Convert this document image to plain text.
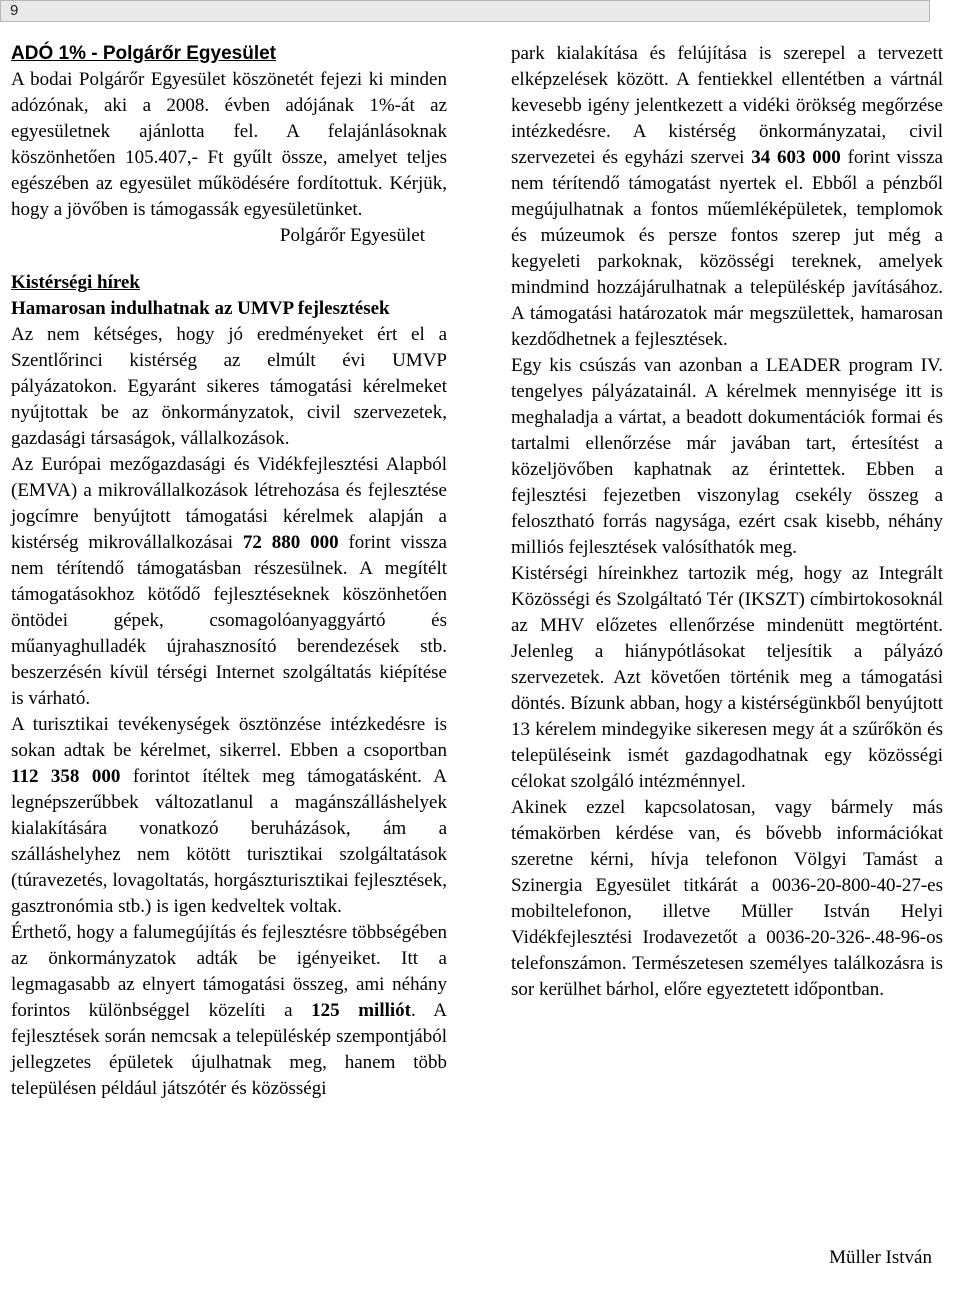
9
ADÓ 1% - Polgárőr Egyesület

A bodai Polgárőr Egyesület köszönetét fejezi ki minden adózónak, aki a 2008. évben adójának 1%-át az egyesületnek ajánlotta fel. A felajánlásoknak köszönhetően 105.407,- Ft gyűlt össze, amelyet teljes egészében az egyesület működésére fordítottuk. Kérjük, hogy a jövőben is támogassák egyesületünket.

Polgárőr Egyesület

Kistérségi hírek
Hamarosan indulhatnak az UMVP fejlesztések

Az nem kétséges, hogy jó eredményeket ért el a Szentlőrinci kistérség az elmúlt évi UMVP pályázatokon. Egyaránt sikeres támogatási kérelmeket nyújtottak be az önkormányzatok, civil szervezetek, gazdasági társaságok, vállalkozások.

Az Európai mezőgazdasági és Vidékfejlesztési Alapból (EMVA) a mikrovállalkozások létrehozása és fejlesztése jogcímre benyújtott támogatási kérelmek alapján a kistérség mikrovállalkozásai 72 880 000 forint vissza nem térítendő támogatásban részesülnek. A megítélt támogatásokhoz kötődő fejlesztéseknek köszönhetően öntödei gépek, csomagolóanyaggyártó és műanyaghulladék újrahasznosító berendezések stb. beszerzésén kívül térségi Internet szolgáltatás kiépítése is várható.

A turisztikai tevékenységek ösztönzése intézkedésre is sokan adtak be kérelmet, sikerrel. Ebben a csoportban 112 358 000 forintot ítéltek meg támogatásként. A legnépszerűbbek változatlanul a magánszálláshelyek kialakítására vonatkozó beruházások, ám a szálláshelyhez nem kötött turisztikai szolgáltatások (túravezetés, lovagoltatás, horgászturisztikai fejlesztések, gasztronómia stb.) is igen kedveltek voltak.

Érthető, hogy a falumegújítás és fejlesztésre többségében az önkormányzatok adták be igényeiket. Itt a legmagasabb az elnyert támogatási összeg, ami néhány forintos különbséggel közelíti a 125 milliót. A fejlesztések során nemcsak a településkép szempontjából jellegzetes épületek újulhatnak meg, hanem több településen például játszótér és közösségi

park kialakítása és felújítása is szerepel a tervezett elképzelések között. A fentiekkel ellentétben a vártnál kevesebb igény jelentkezett a vidéki örökség megőrzése intézkedésre. A kistérség önkormányzatai, civil szervezetei és egyházi szervei 34 603 000 forint vissza nem térítendő támogatást nyertek el. Ebből a pénzből megújulhatnak a fontos műemléképületek, templomok és múzeumok és persze fontos szerep jut még a kegyeleti parkoknak, közösségi tereknek, amelyek mindmind hozzájárulhatnak a településkép javításához. A támogatási határozatok már megszülettek, hamarosan kezdődhetnek a fejlesztések.

Egy kis csúszás van azonban a LEADER program IV. tengelyes pályázatainál. A kérelmek mennyisége itt is meghaladja a vártat, a beadott dokumentációk formai és tartalmi ellenőrzése már javában tart, értesítést a közeljövőben kaphatnak az érintettek. Ebben a fejlesztési fejezetben viszonylag csekély összeg a felosztható forrás nagysága, ezért csak kisebb, néhány milliós fejlesztések valósíthatók meg.

Kistérségi híreinkhez tartozik még, hogy az Integrált Közösségi és Szolgáltató Tér (IKSZT) címbirtokosoknál az MHV előzetes ellenőrzése mindenütt megtörtént. Jelenleg a hiánypótlásokat teljesítik a pályázó szervezetek. Azt követően történik meg a támogatási döntés. Bízunk abban, hogy a kistérségünkből benyújtott 13 kérelem mindegyike sikeresen megy át a szűrőkön és településeink ismét gazdagodhatnak egy közösségi célokat szolgáló intézménnyel.

Akinek ezzel kapcsolatosan, vagy bármely más témakörben kérdése van, és bővebb információkat szeretne kérni, hívja telefonon Völgyi Tamást a Szinergia Egyesület titkárát a 0036-20-800-40-27-es mobiltelefonon, illetve Müller István Helyi Vidékfejlesztési Irodavezetőt a 0036-20-326-.48-96-os telefonszámon. Természetesen személyes találkozásra is sor kerülhet bárhol, előre egyeztetett időpontban.

Müller István
